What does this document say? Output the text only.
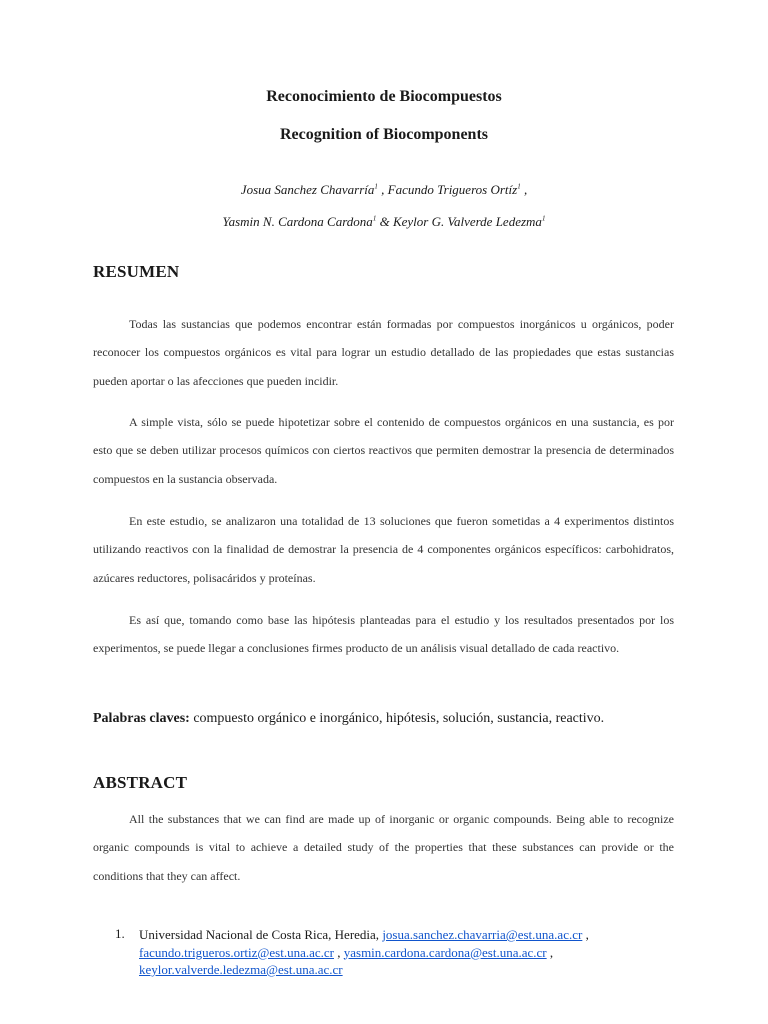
Reconocimiento de Biocompuestos
Recognition of Biocomponents
Josua Sanchez Chavarría$^1$ , Facundo Trigueros Ortíz$^1$ ,
Yasmin N. Cardona Cardona$^1$ & Keylor G. Valverde Ledezma$^1$
RESUMEN

Todas las sustancias que podemos encontrar están formadas por compuestos inorgánicos u orgánicos, poder reconocer los compuestos orgánicos es vital para lograr un estudio detallado de las propiedades que estas sustancias pueden aportar o las afecciones que pueden incidir.

A simple vista, sólo se puede hipotetizar sobre el contenido de compuestos orgánicos en una sustancia, es por esto que se deben utilizar procesos químicos con ciertos reactivos que permiten demostrar la presencia de determinados compuestos en la sustancia observada.

En este estudio, se analizaron una totalidad de 13 soluciones que fueron sometidas a 4 experimentos distintos utilizando reactivos con la finalidad de demostrar la presencia de 4 componentes orgánicos específicos: carbohidratos, azúcares reductores, polisacáridos y proteínas.

Es así que, tomando como base las hipótesis planteadas para el estudio y los resultados presentados por los experimentos, se puede llegar a conclusiones firmes producto de un análisis visual detallado de cada reactivo.

Palabras claves: compuesto orgánico e inorgánico, hipótesis, solución, sustancia, reactivo.
ABSTRACT

All the substances that we can find are made up of inorganic or organic compounds. Being able to recognize organic compounds is vital to achieve a detailed study of the properties that these substances can provide or the conditions that they can affect.

1. Universidad Nacional de Costa Rica, Heredia, josua.sanchez.chavarria@est.una.ac.cr ,
facundo.trigueros.ortiz@est.una.ac.cr , yasmin.cardona.cardona@est.una.ac.cr ,
keylor.valverde.ledezma@est.una.ac.cr
